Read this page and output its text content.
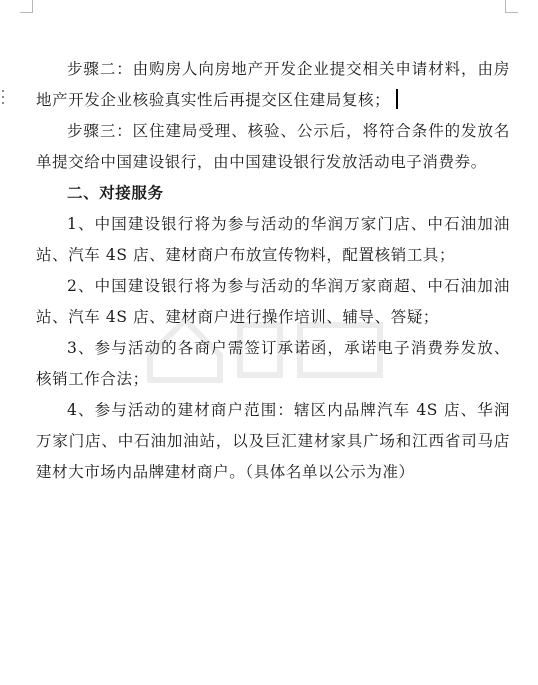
步骤二：由购房人向房地产开发企业提交相关申请材料，由房地产开发企业核验真实性后再提交区住建局复核；

步骤三：区住建局受理、核验、公示后，将符合条件的发放名单提交给中国建设银行，由中国建设银行发放活动电子消费券。

二、对接服务

1、中国建设银行将为参与活动的华润万家门店、中石油加油站、汽车 4S 店、建材商户布放宣传物料，配置核销工具；

2、中国建设银行将为参与活动的华润万家商超、中石油加油站、汽车 4S 店、建材商户进行操作培训、辅导、答疑；

3、参与活动的各商户需签订承诺函，承诺电子消费券发放、核销工作合法；

4、参与活动的建材商户范围：辖区内品牌汽车 4S 店、华润万家门店、中石油加油站，以及巨汇建材家具广场和江西省司马店建材大市场内品牌建材商户。（具体名单以公示为准）
